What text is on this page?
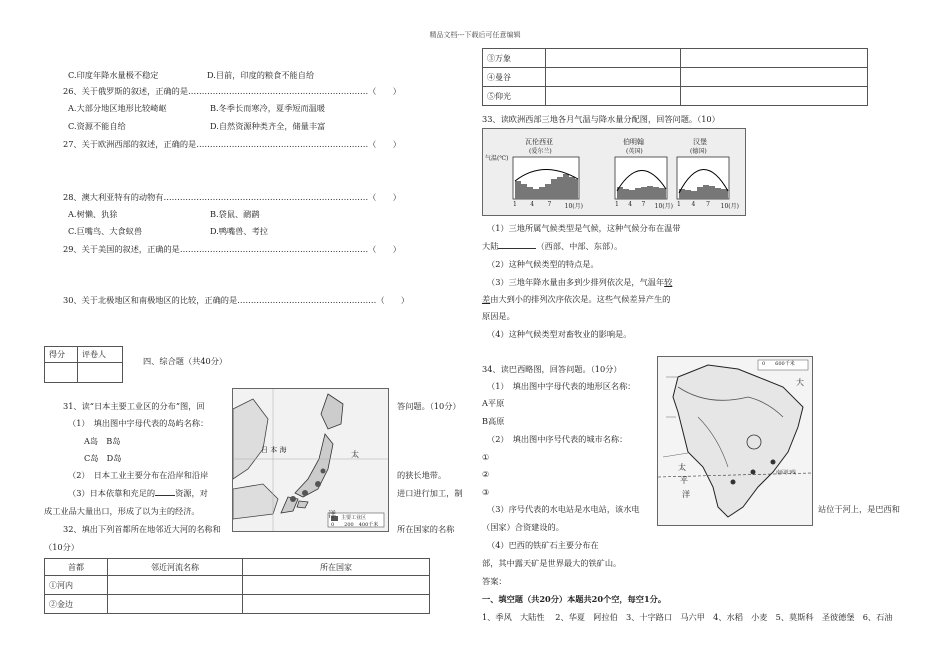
精品文档---下载后可任意编辑
C.印度年降水量极不稳定	D.目前，印度的粮食不能自给
26、关于俄罗斯的叙述，正确的是…………………………………………………………（　　）
A.大部分地区地形比较崎岖	B.冬季长而寒冷，夏季短而温暖
C.资源不能自给	D.自然资源种类齐全，储量丰富
27、关于欧洲西部的叙述，正确的是………………………………………………………（　　）
28、澳大利亚特有的动物有…………………………………………………………………（　　）
A.树懒、犰狳	B.袋鼠、鸸鹋
C.巨嘴鸟、大食蚁兽	D.鸭嘴兽、考拉
29、关于美国的叙述，正确的是……………………………………………………………（　　）
30、关于北极地区和南极地区的比较，正确的是……………………………………………（　　）
得分	评卷人

四、综合题（共40分）
31、读“日本主要工业区的分布”图，回	答问题。（10分）
（1）　填出图中字母代表的岛屿名称：
A岛　B岛
C岛　D岛
（2）　日本工业主要分布在沿岸和沿岸	的狭长地带。
（3）日本依靠和充足的 资源，对	进口进行加工，制
成工业品大量出口，形成了以为主的经济。
32、填出下列首都所在地邻近大河的名称和	所在国家的名称
（10分）
首都	邻近河流名称	所在国家
①河内		
②金边		
日 本 海	太
洋 主要工业区
0　　200　400千米
③万象		
④曼谷		
⑤仰光		
33、读欧洲西部三地各月气温与降水量分配图，回答问题。（10）
气温(℃)
瓦伦西亚
(爱尔兰)
伯明翰
(英国)
汉堡
(德国)
1 4 7 10(月)	1 4 7 10(月) 1 4 7 10(月)
（1）三地所属气候类型是气候，这种气候分布在温带
大陆	（西部、中部、东部）。
（2）这种气候类型的特点是。
（3）三地年降水量由多到少排列依次是，气温年较
差由大到小的排列次序依次是。这些气候差异产生的
原因是。
（4）这种气候类型对畜牧业的影响是。
34、读巴西略图，回答问题。（10分）
（1）　填出图中字母代表的地形区名称：
A平原
B高原
（2）　填出图中序号代表的城市名称：
①
②
③
（3）序号代表的水电站是水电站，该水电	站位于河上，是巴西和
（国家）合资建设的。
（4）巴西的铁矿石主要分布在
部，其中露天矿是世界最大的铁矿山。
答案：
一、填空题（共20分）本题共20个空，每空1分。
1、季风　大陆性　 2、华夏　阿拉伯　3、十字路口　马六甲　4、水稻　小麦　5、莫斯科　圣彼德堡　6、石油
0　　600千米
太
平
洋
大
南回归线
